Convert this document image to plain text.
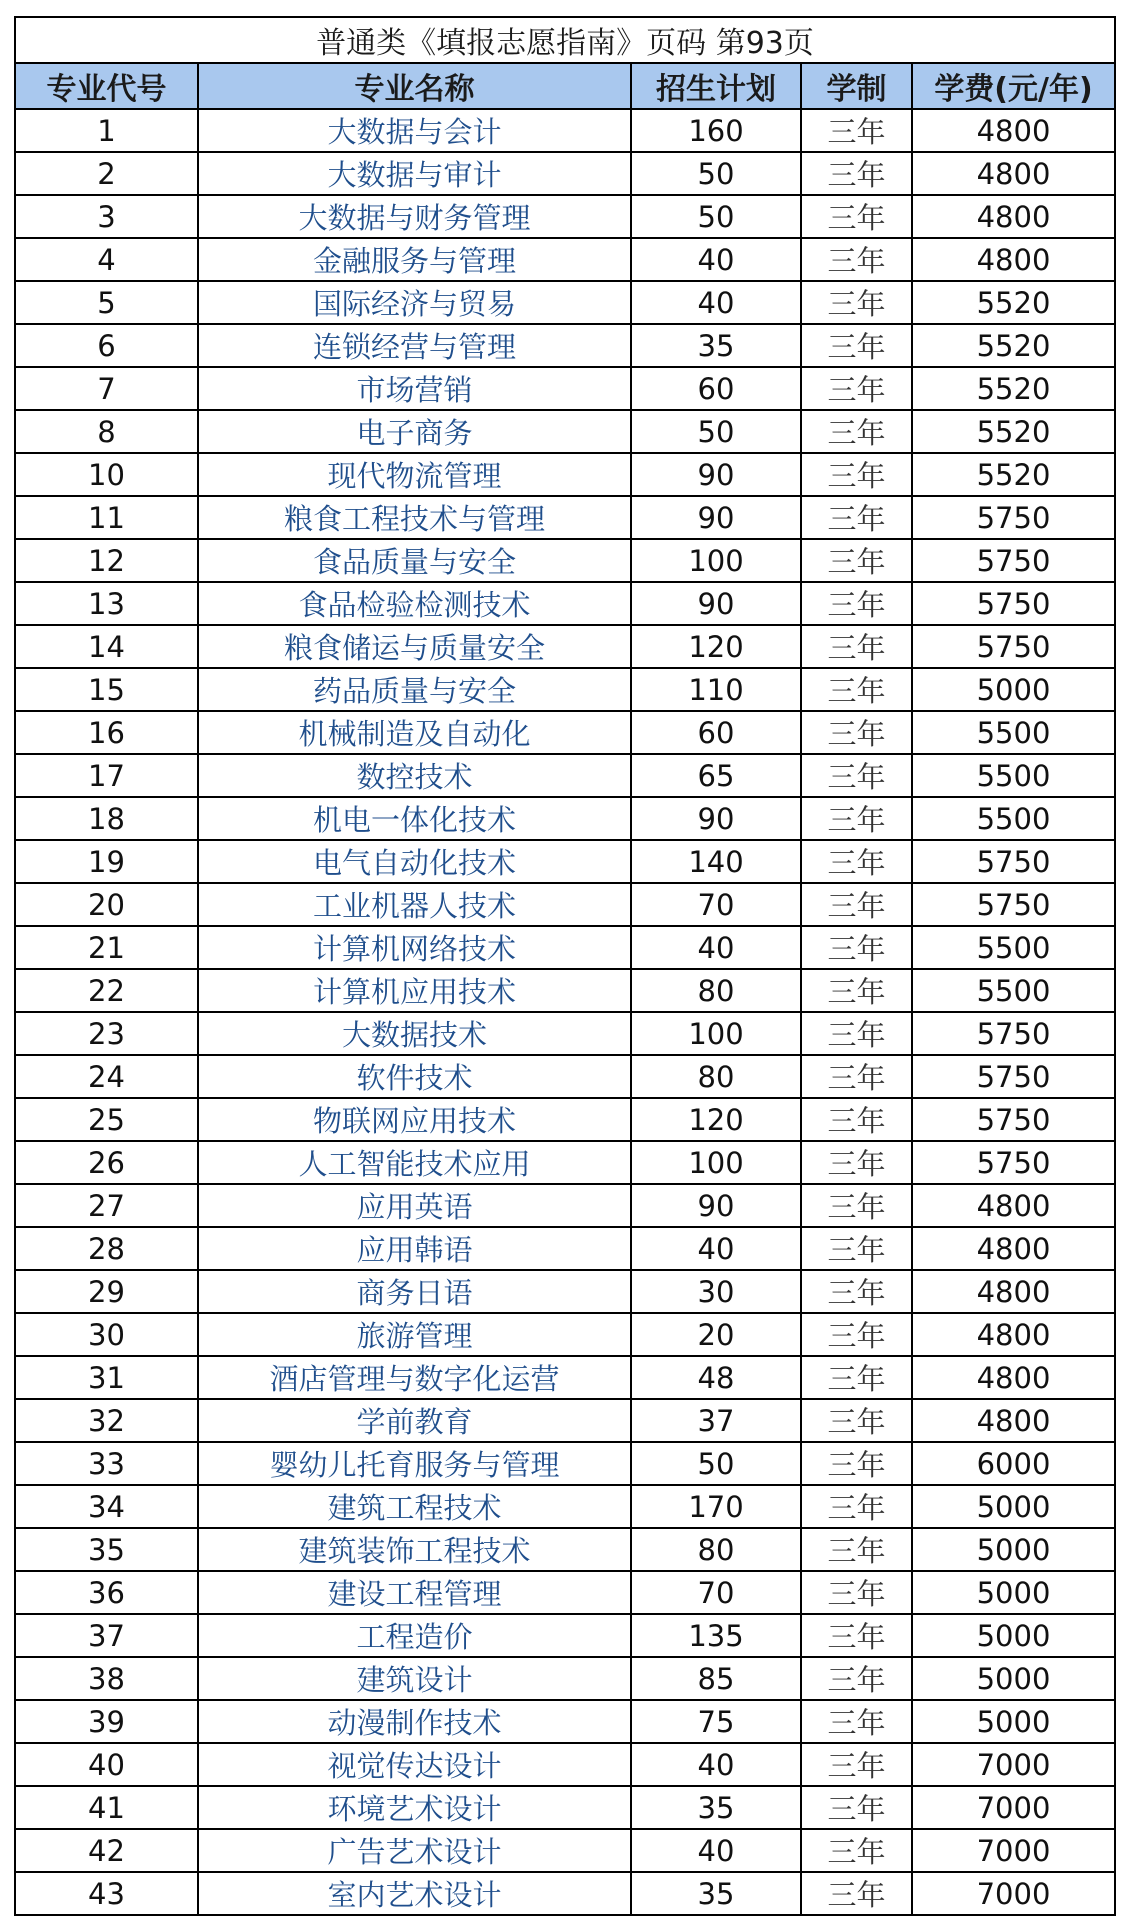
普通类《填报志愿指南》页码 第93页				
专业代号	专业名称	招生计划	学制	学费(元/年)
1	大数据与会计	160	三年	4800
2	大数据与审计	50	三年	4800
3	大数据与财务管理	50	三年	4800
4	金融服务与管理	40	三年	4800
5	国际经济与贸易	40	三年	5520
6	连锁经营与管理	35	三年	5520
7	市场营销	60	三年	5520
8	电子商务	50	三年	5520
10	现代物流管理	90	三年	5520
11	粮食工程技术与管理	90	三年	5750
12	食品质量与安全	100	三年	5750
13	食品检验检测技术	90	三年	5750
14	粮食储运与质量安全	120	三年	5750
15	药品质量与安全	110	三年	5000
16	机械制造及自动化	60	三年	5500
17	数控技术	65	三年	5500
18	机电一体化技术	90	三年	5500
19	电气自动化技术	140	三年	5750
20	工业机器人技术	70	三年	5750
21	计算机网络技术	40	三年	5500
22	计算机应用技术	80	三年	5500
23	大数据技术	100	三年	5750
24	软件技术	80	三年	5750
25	物联网应用技术	120	三年	5750
26	人工智能技术应用	100	三年	5750
27	应用英语	90	三年	4800
28	应用韩语	40	三年	4800
29	商务日语	30	三年	4800
30	旅游管理	20	三年	4800
31	酒店管理与数字化运营	48	三年	4800
32	学前教育	37	三年	4800
33	婴幼儿托育服务与管理	50	三年	6000
34	建筑工程技术	170	三年	5000
35	建筑装饰工程技术	80	三年	5000
36	建设工程管理	70	三年	5000
37	工程造价	135	三年	5000
38	建筑设计	85	三年	5000
39	动漫制作技术	75	三年	5000
40	视觉传达设计	40	三年	7000
41	环境艺术设计	35	三年	7000
42	广告艺术设计	40	三年	7000
43	室内艺术设计	35	三年	7000
